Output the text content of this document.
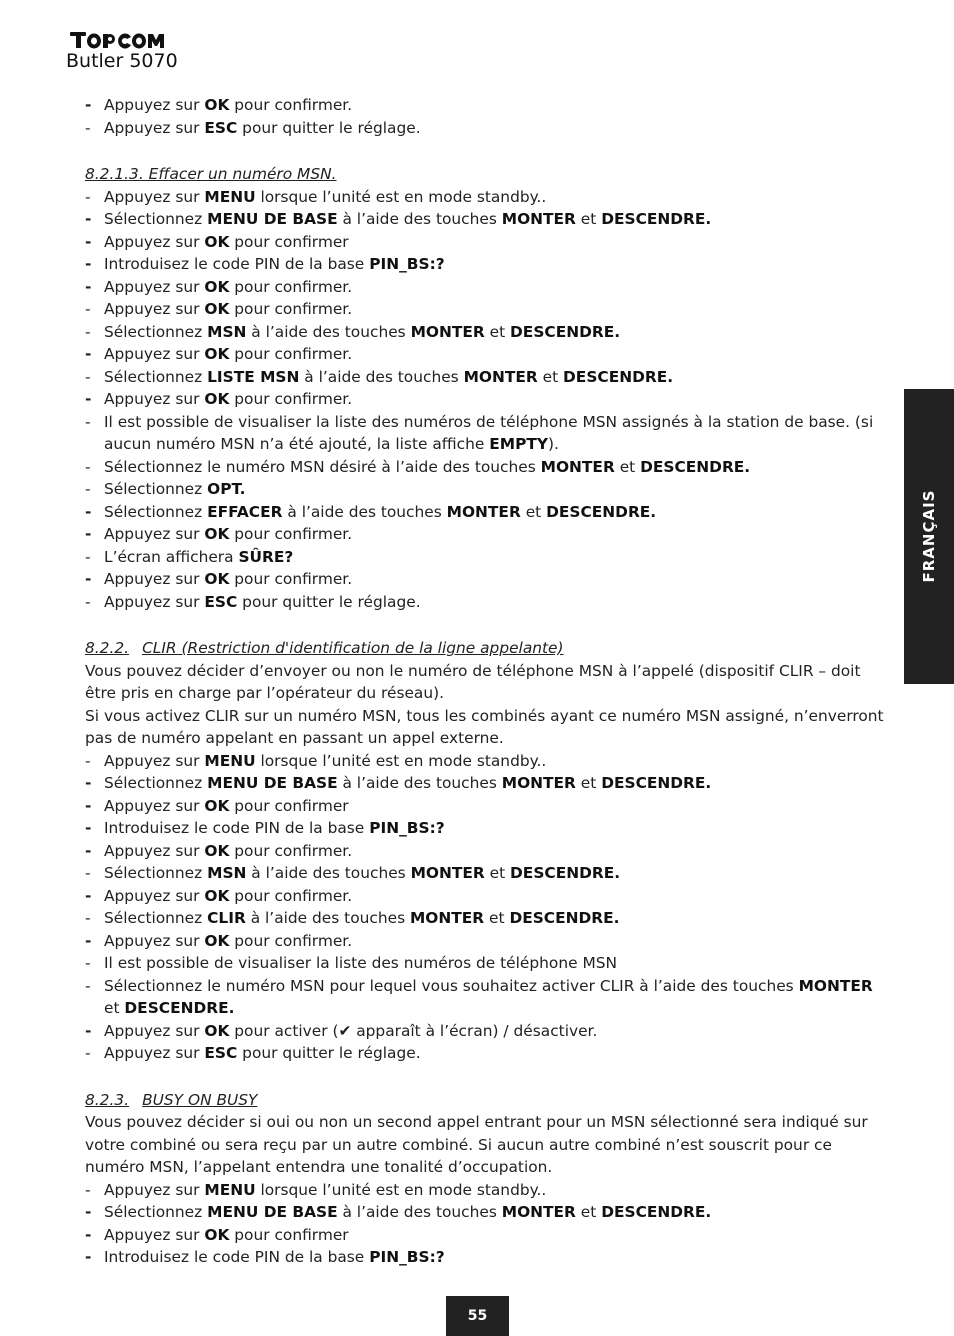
Butler 5070
FRANÇAIS
- Appuyez sur OK pour confirmer.
- Appuyez sur ESC pour quitter le réglage.
8.2.1.3. Effacer un numéro MSN.
- Appuyez sur MENU lorsque l’unité est en mode standby..
- Sélectionnez MENU DE BASE à l’aide des touches MONTER et DESCENDRE.
- Appuyez sur OK pour confirmer
- Introduisez le code PIN de la base PIN_BS:?
- Appuyez sur OK pour confirmer.
- Appuyez sur OK pour confirmer.
- Sélectionnez MSN à l’aide des touches MONTER et DESCENDRE.
- Appuyez sur OK pour confirmer.
- Sélectionnez LISTE MSN à l’aide des touches MONTER et DESCENDRE.
- Appuyez sur OK pour confirmer.
- Il est possible de visualiser la liste des numéros de téléphone MSN assignés à la station de base. (si aucun numéro MSN n’a été ajouté, la liste affiche EMPTY).
- Sélectionnez le numéro MSN désiré à l’aide des touches MONTER et DESCENDRE.
- Sélectionnez OPT.
- Sélectionnez EFFACER à l’aide des touches MONTER et DESCENDRE.
- Appuyez sur OK pour confirmer.
- L’écran affichera SÛRE?
- Appuyez sur OK pour confirmer.
- Appuyez sur ESC pour quitter le réglage.
8.2.2. CLIR (Restriction d'identification de la ligne appelante)
Vous pouvez décider d’envoyer ou non le numéro de téléphone MSN à l’appelé (dispositif CLIR – doit être pris en charge par l’opérateur du réseau).
Si vous activez CLIR sur un numéro MSN, tous les combinés ayant ce numéro MSN assigné, n’enverront pas de numéro appelant en passant un appel externe.
- Appuyez sur MENU lorsque l’unité est en mode standby..
- Sélectionnez MENU DE BASE à l’aide des touches MONTER et DESCENDRE.
- Appuyez sur OK pour confirmer
- Introduisez le code PIN de la base PIN_BS:?
- Appuyez sur OK pour confirmer.
- Sélectionnez MSN à l’aide des touches MONTER et DESCENDRE.
- Appuyez sur OK pour confirmer.
- Sélectionnez CLIR à l’aide des touches MONTER et DESCENDRE.
- Appuyez sur OK pour confirmer.
- Il est possible de visualiser la liste des numéros de téléphone MSN
- Sélectionnez le numéro MSN pour lequel vous souhaitez activer CLIR à l’aide des touches MONTER et DESCENDRE.
- Appuyez sur OK pour activer (✔ apparaît à l’écran) / désactiver.
- Appuyez sur ESC pour quitter le réglage.
8.2.3. BUSY ON BUSY
Vous pouvez décider si oui ou non un second appel entrant pour un MSN sélectionné sera indiqué sur votre combiné ou sera reçu par un autre combiné. Si aucun autre combiné n’est souscrit pour ce numéro MSN, l’appelant entendra une tonalité d’occupation.
- Appuyez sur MENU lorsque l’unité est en mode standby..
- Sélectionnez MENU DE BASE à l’aide des touches MONTER et DESCENDRE.
- Appuyez sur OK pour confirmer
- Introduisez le code PIN de la base PIN_BS:?
55
